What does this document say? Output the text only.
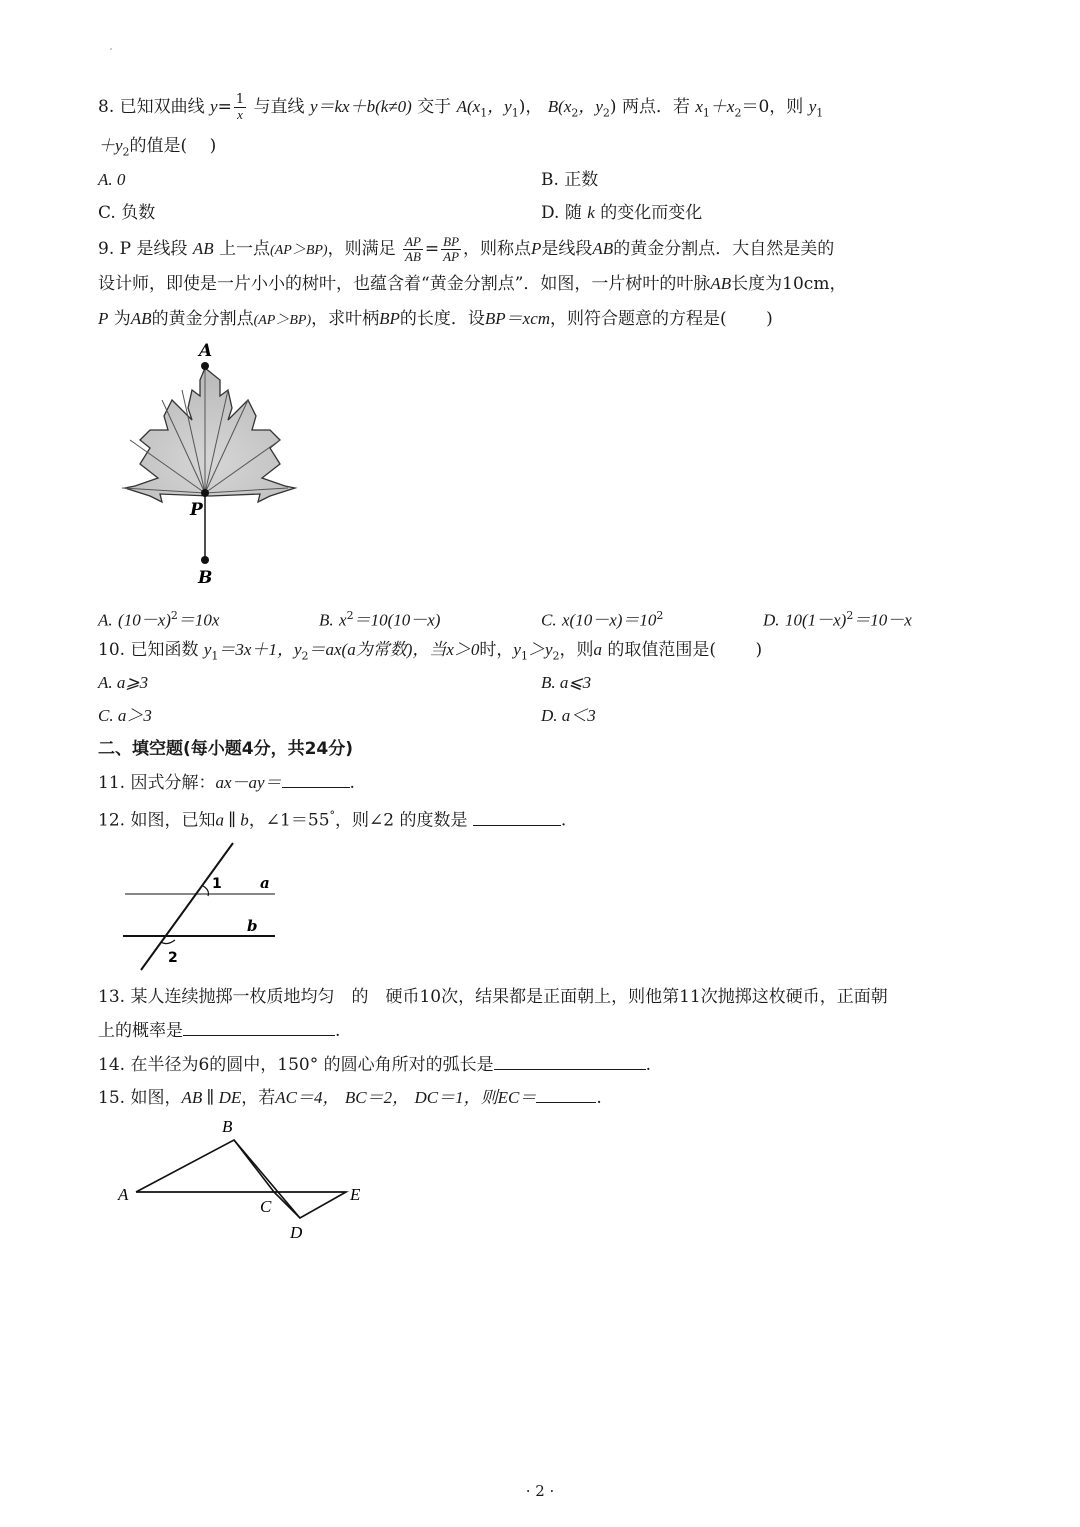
8. 已知双曲线 $y= \frac{1}{x}$ 与直线 y＝kx＋b(k≠0) 交于 $A(x_1$，$y_1$)， $B(x_2$，$y_2$) 两点．若 $x_1+x_2=0$，则 $y_1$
$+y_2$的值是(　 )
A. 0	B. 正数
C. 负数	D. 随 k 的变化而变化
9. P 是线段 AB 上一点(AP＞BP)，则满足 $\frac{AP}{AB} = \frac{BP}{AP}$ ，则称点P是线段AB的黄金分割点．大自然是美的
设计师，即使是一片小小的树叶，也蕴含着“黄金分割点”．如图，一片树叶的叶脉AB长度为10cm，
P 为AB的黄金分割点(AP＞BP)，求叶柄BP的长度．设BP＝xcm，则符合题意的方程是(　 　)
A
P
B
A. $(10-x)^2=10x$	B. $x^2=10(10-x)$	C. $x(10-x)=10^2$	D. $10(1-x)^2=10-x$
10. 已知函数 $y_1=3x+1$，$y_2=ax(a$为常数)，当x＞0时，$y_1>y_2$，则a 的取值范围是(　 　)
A. a⩾3	B. a⩽3
C. a＞3	D. a＜3
二、填空题(每小题4分，共24分)
11. 因式分解：ax－ay＝	.
12. 如图，已知a ∥ b，∠1＝55°，则∠2 的度数是	.
1	a
b
2
13. 某人连续抛掷一枚质地均匀　的　硬币10次，结果都是正面朝上，则他第11次抛掷这枚硬币，正面朝
上的概率是	.
14. 在半径为6的圆中，150° 的圆心角所对的弧长是	.
15. 如图，AB ∥ DE，若AC＝4， BC＝2， DC＝1，则EC＝	.
B
A
C
D
E
· 2 ·
